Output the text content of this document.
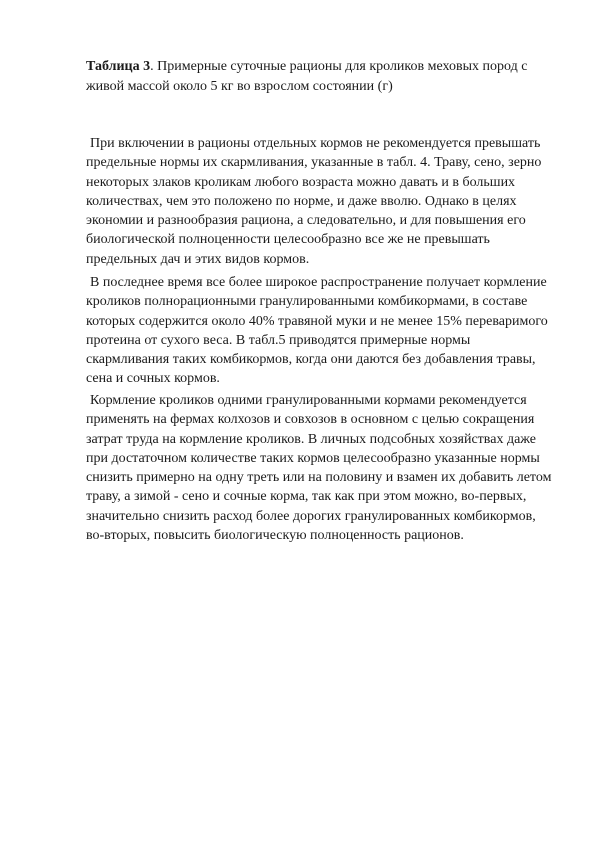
Таблица 3. Примерные суточные рационы для кроликов меховых пород с живой массой около 5 кг во взрослом состоянии (г)

При включении в рационы отдельных кормов не рекомендуется превышать предельные нормы их скармливания, указанные в табл. 4. Траву, сено, зерно некоторых злаков кроликам любого возраста можно давать и в больших количествах, чем это положено по норме, и даже вволю. Однако в целях экономии и разнообразия рациона, а следовательно, и для повышения его биологической полноценности целесообразно все же не превышать предельных дач и этих видов кормов.

В последнее время все более широкое распространение получает кормление кроликов полнорационными гранулированными комбикормами, в составе которых содержится около 40% травяной муки и не менее 15% переваримого протеина от сухого веса. В табл.5 приводятся примерные нормы скармливания таких комбикормов, когда они даются без добавления травы, сена и сочных кормов.

Кормление кроликов одними гранулированными кормами рекомендуется применять на фермах колхозов и совхозов в основном с целью сокращения затрат труда на кормление кроликов. В личных подсобных хозяйствах даже при достаточном количестве таких кормов целесообразно указанные нормы снизить примерно на одну треть или на половину и взамен их добавить летом траву, а зимой - сено и сочные корма, так как при этом можно, во-первых, значительно снизить расход более дорогих гранулированных комбикормов, во-вторых, повысить биологическую полноценность рационов.
